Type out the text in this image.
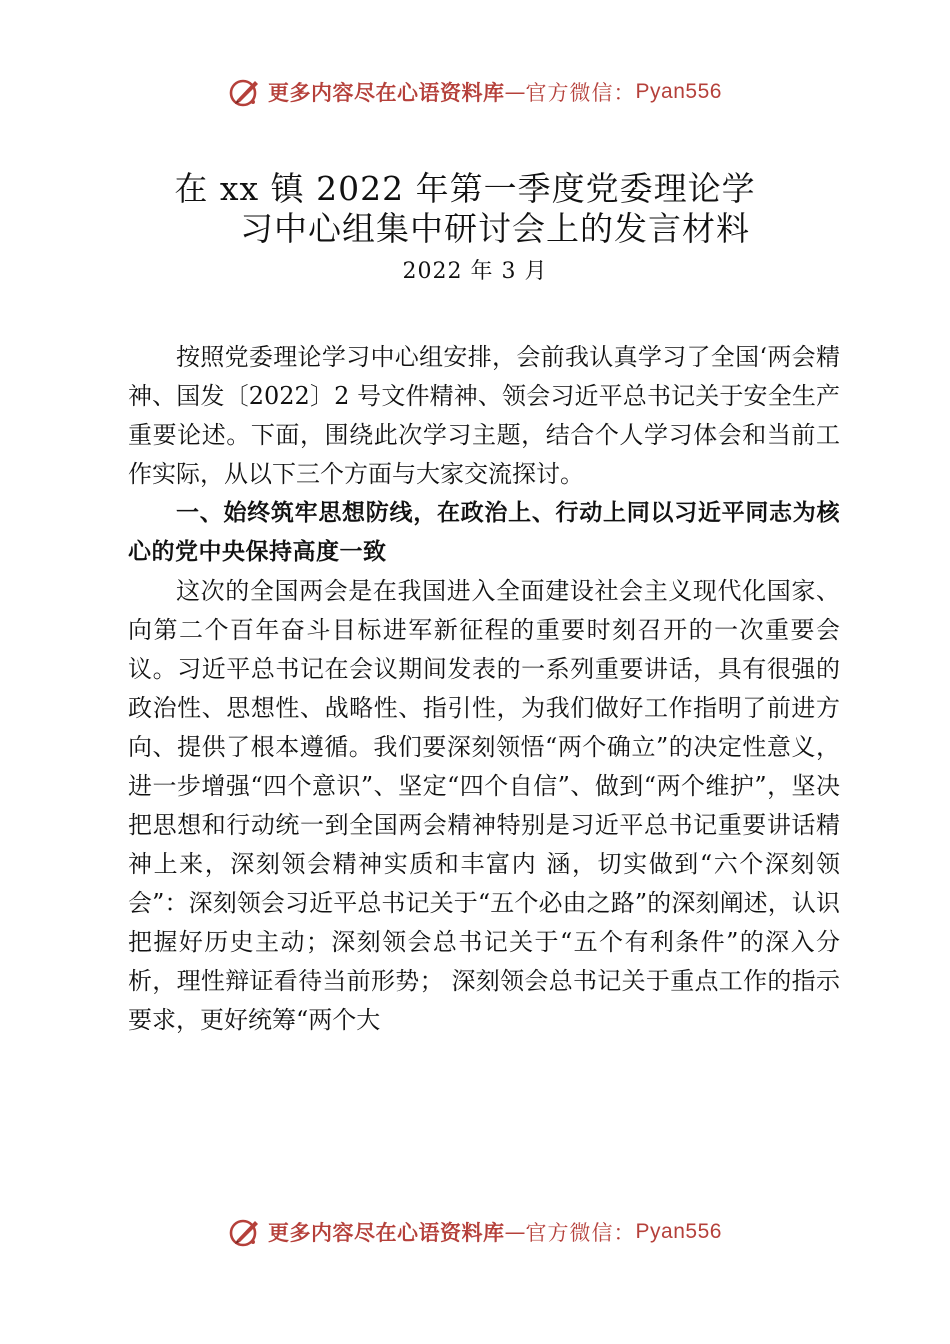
更多内容尽在心语资料库 — 官方微信： Pyan556
在 xx 镇 2022 年第一季度党委理论学
习中心组集中研讨会上的发言材料
2022 年 3 月

按照党委理论学习中心组安排，会前我认真学习了全国‘两会精神、国发〔2022〕2 号文件精神、领会习近平总书记关于安全生产重要论述。下面，围绕此次学习主题，结合个人学习体会和当前工作实际，从以下三个方面与大家交流探讨。

一、始终筑牢思想防线，在政治上、行动上同以习近平同志为核心的党中央保持高度一致

这次的全国两会是在我国进入全面建设社会主义现代化国家、向第二个百年奋斗目标进军新征程的重要时刻召开的一次重要会议。习近平总书记在会议期间发表的一系列重要讲话，具有很强的政治性、思想性、战略性、指引性，为我们做好工作指明了前进方向、提供了根本遵循。我们要深刻领悟“两个确立”的决定性意义，进一步增强“四个意识”、坚定“四个自信”、做到“两个维护”，坚决把思想和行动统一到全国两会精神特别是习近平总书记重要讲话精神上来，深刻领会精神实质和丰富内 涵，切实做到“六个深刻领会”：深刻领会习近平总书记关于“五个必由之路”的深刻阐述，认识把握好历史主动；深刻领会总书记关于“五个有利条件”的深入分析，理性辩证看待当前形势； 深刻领会总书记关于重点工作的指示要求，更好统筹“两个大

更多内容尽在心语资料库 — 官方微信： Pyan556
